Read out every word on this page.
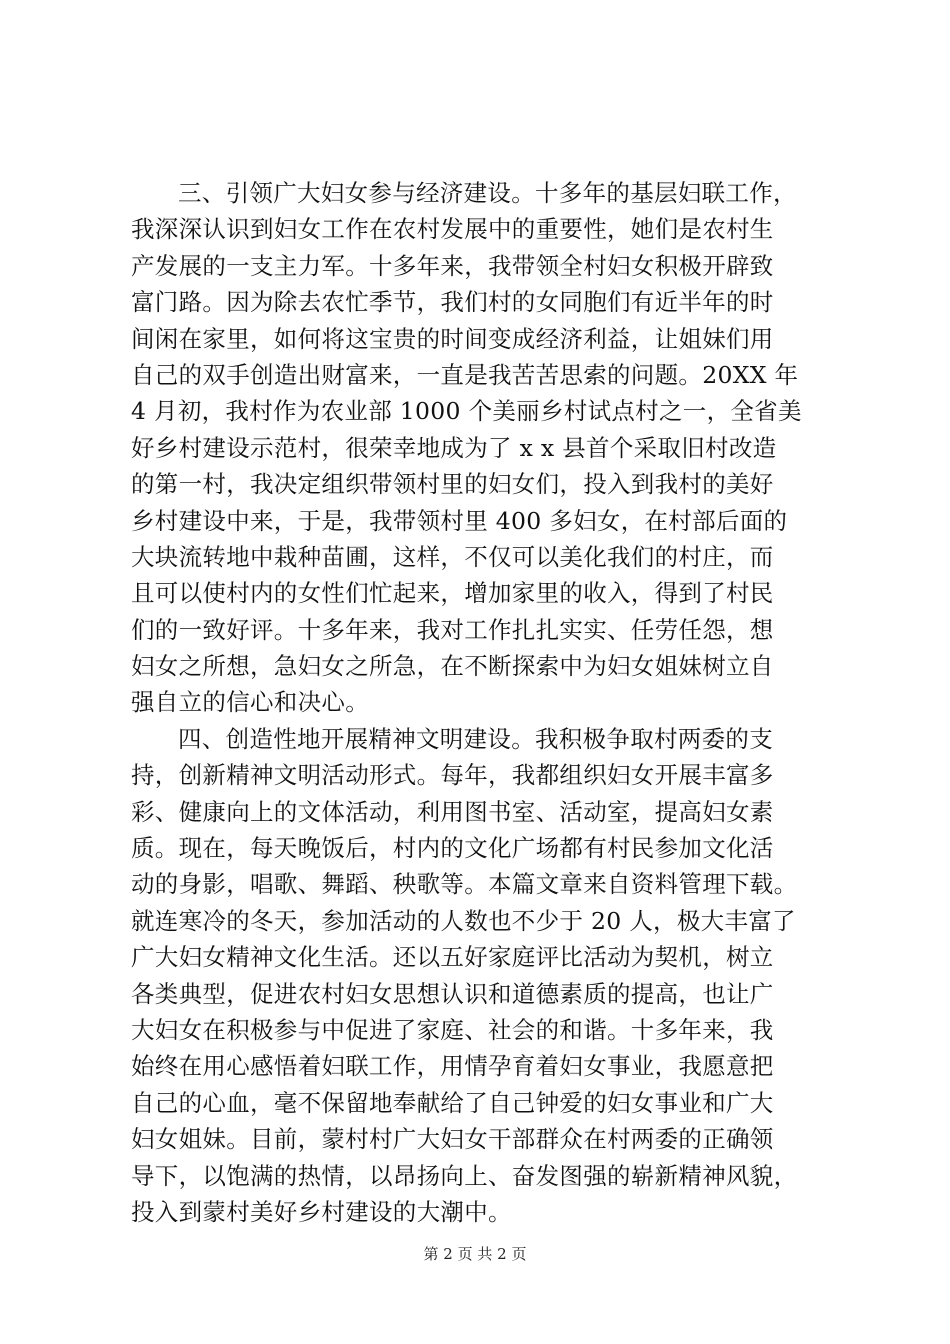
三、引领广大妇女参与经济建设。十多年的基层妇联工作，
我深深认识到妇女工作在农村发展中的重要性，她们是农村生
产发展的一支主力军。十多年来，我带领全村妇女积极开辟致
富门路。因为除去农忙季节，我们村的女同胞们有近半年的时
间闲在家里，如何将这宝贵的时间变成经济利益，让姐妹们用
自己的双手创造出财富来，一直是我苦苦思索的问题。20XX 年
4 月初，我村作为农业部 1000 个美丽乡村试点村之一，全省美
好乡村建设示范村，很荣幸地成为了 x x 县首个采取旧村改造
的第一村，我决定组织带领村里的妇女们，投入到我村的美好
乡村建设中来，于是，我带领村里 400 多妇女，在村部后面的
大块流转地中栽种苗圃，这样，不仅可以美化我们的村庄，而
且可以使村内的女性们忙起来，增加家里的收入，得到了村民
们的一致好评。十多年来，我对工作扎扎实实、任劳任怨，想
妇女之所想，急妇女之所急，在不断探索中为妇女姐妹树立自
强自立的信心和决心。

四、创造性地开展精神文明建设。我积极争取村两委的支
持，创新精神文明活动形式。每年，我都组织妇女开展丰富多
彩、健康向上的文体活动，利用图书室、活动室，提高妇女素
质。现在，每天晚饭后，村内的文化广场都有村民参加文化活
动的身影，唱歌、舞蹈、秧歌等。本篇文章来自资料管理下载。
就连寒冷的冬天，参加活动的人数也不少于 20 人，极大丰富了
广大妇女精神文化生活。还以五好家庭评比活动为契机，树立
各类典型，促进农村妇女思想认识和道德素质的提高，也让广
大妇女在积极参与中促进了家庭、社会的和谐。十多年来，我
始终在用心感悟着妇联工作，用情孕育着妇女事业，我愿意把
自己的心血，毫不保留地奉献给了自己钟爱的妇女事业和广大
妇女姐妹。目前，蒙村村广大妇女干部群众在村两委的正确领
导下，以饱满的热情，以昂扬向上、奋发图强的崭新精神风貌，
投入到蒙村美好乡村建设的大潮中。

第 2 页 共 2 页
